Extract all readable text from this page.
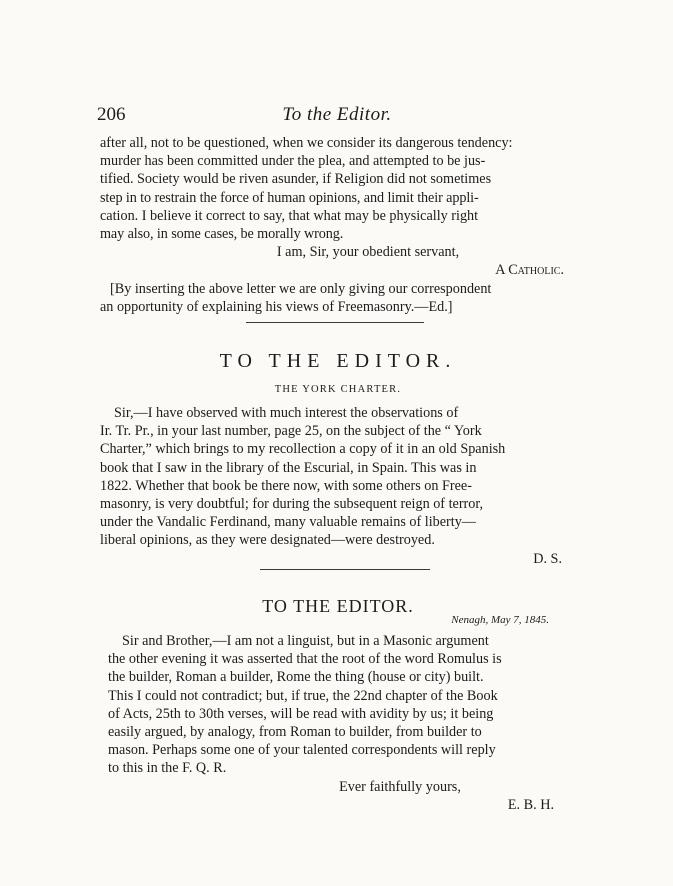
206	To the Editor.
after all, not to be questioned, when we consider its dangerous tendency:
murder has been committed under the plea, and attempted to be jus-
tified. Society would be riven asunder, if Religion did not sometimes
step in to restrain the force of human opinions, and limit their appli-
cation. I believe it correct to say, that what may be physically right
may also, in some cases, be morally wrong.
I am, Sir, your obedient servant,
A Catholic.
[By inserting the above letter we are only giving our correspondent
an opportunity of explaining his views of Freemasonry.—Ed.]
TO THE EDITOR.
THE YORK CHARTER.
Sir,—I have observed with much interest the observations of
Ir. Tr. Pr., in your last number, page 25, on the subject of the “ York
Charter,” which brings to my recollection a copy of it in an old Spanish
book that I saw in the library of the Escurial, in Spain. This was in
1822. Whether that book be there now, with some others on Free-
masonry, is very doubtful; for during the subsequent reign of terror,
under the Vandalic Ferdinand, many valuable remains of liberty—
liberal opinions, as they were designated—were destroyed.
D. S.
TO THE EDITOR.
Nenagh, May 7, 1845.
Sir and Brother,—I am not a linguist, but in a Masonic argument
the other evening it was asserted that the root of the word Romulus is
the builder, Roman a builder, Rome the thing (house or city) built.
This I could not contradict; but, if true, the 22nd chapter of the Book
of Acts, 25th to 30th verses, will be read with avidity by us; it being
easily argued, by analogy, from Roman to builder, from builder to
mason. Perhaps some one of your talented correspondents will reply
to this in the F. Q. R.
Ever faithfully yours,
E. B. H.
